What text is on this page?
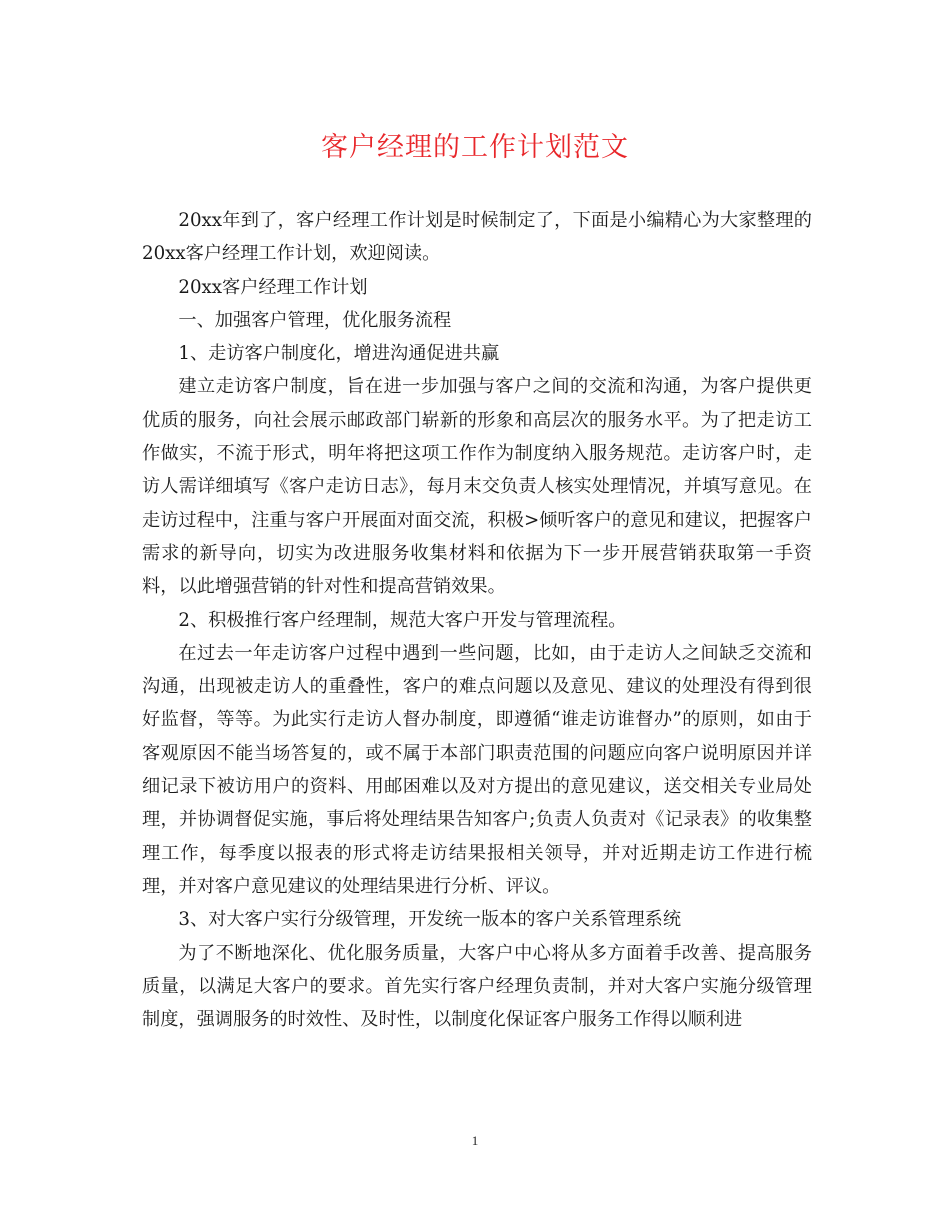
客户经理的工作计划范文

20xx年到了，客户经理工作计划是时候制定了，下面是小编精心为大家整理的20xx客户经理工作计划，欢迎阅读。

20xx客户经理工作计划

一、加强客户管理，优化服务流程

1、走访客户制度化，增进沟通促进共赢

建立走访客户制度，旨在进一步加强与客户之间的交流和沟通，为客户提供更优质的服务，向社会展示邮政部门崭新的形象和高层次的服务水平。为了把走访工作做实，不流于形式，明年将把这项工作作为制度纳入服务规范。走访客户时，走访人需详细填写《客户走访日志》，每月末交负责人核实处理情况，并填写意见。在走访过程中，注重与客户开展面对面交流，积极>倾听客户的意见和建议，把握客户需求的新导向，切实为改进服务收集材料和依据为下一步开展营销获取第一手资料，以此增强营销的针对性和提高营销效果。

2、积极推行客户经理制，规范大客户开发与管理流程。

在过去一年走访客户过程中遇到一些问题，比如，由于走访人之间缺乏交流和沟通，出现被走访人的重叠性，客户的难点问题以及意见、建议的处理没有得到很好监督，等等。为此实行走访人督办制度，即遵循“谁走访谁督办”的原则，如由于客观原因不能当场答复的，或不属于本部门职责范围的问题应向客户说明原因并详细记录下被访用户的资料、用邮困难以及对方提出的意见建议，送交相关专业局处理，并协调督促实施，事后将处理结果告知客户;负责人负责对《记录表》的收集整理工作，每季度以报表的形式将走访结果报相关领导，并对近期走访工作进行梳理，并对客户意见建议的处理结果进行分析、评议。

3、对大客户实行分级管理，开发统一版本的客户关系管理系统

为了不断地深化、优化服务质量，大客户中心将从多方面着手改善、提高服务质量，以满足大客户的要求。首先实行客户经理负责制，并对大客户实施分级管理制度，强调服务的时效性、及时性，以制度化保证客户服务工作得以顺利进

1
